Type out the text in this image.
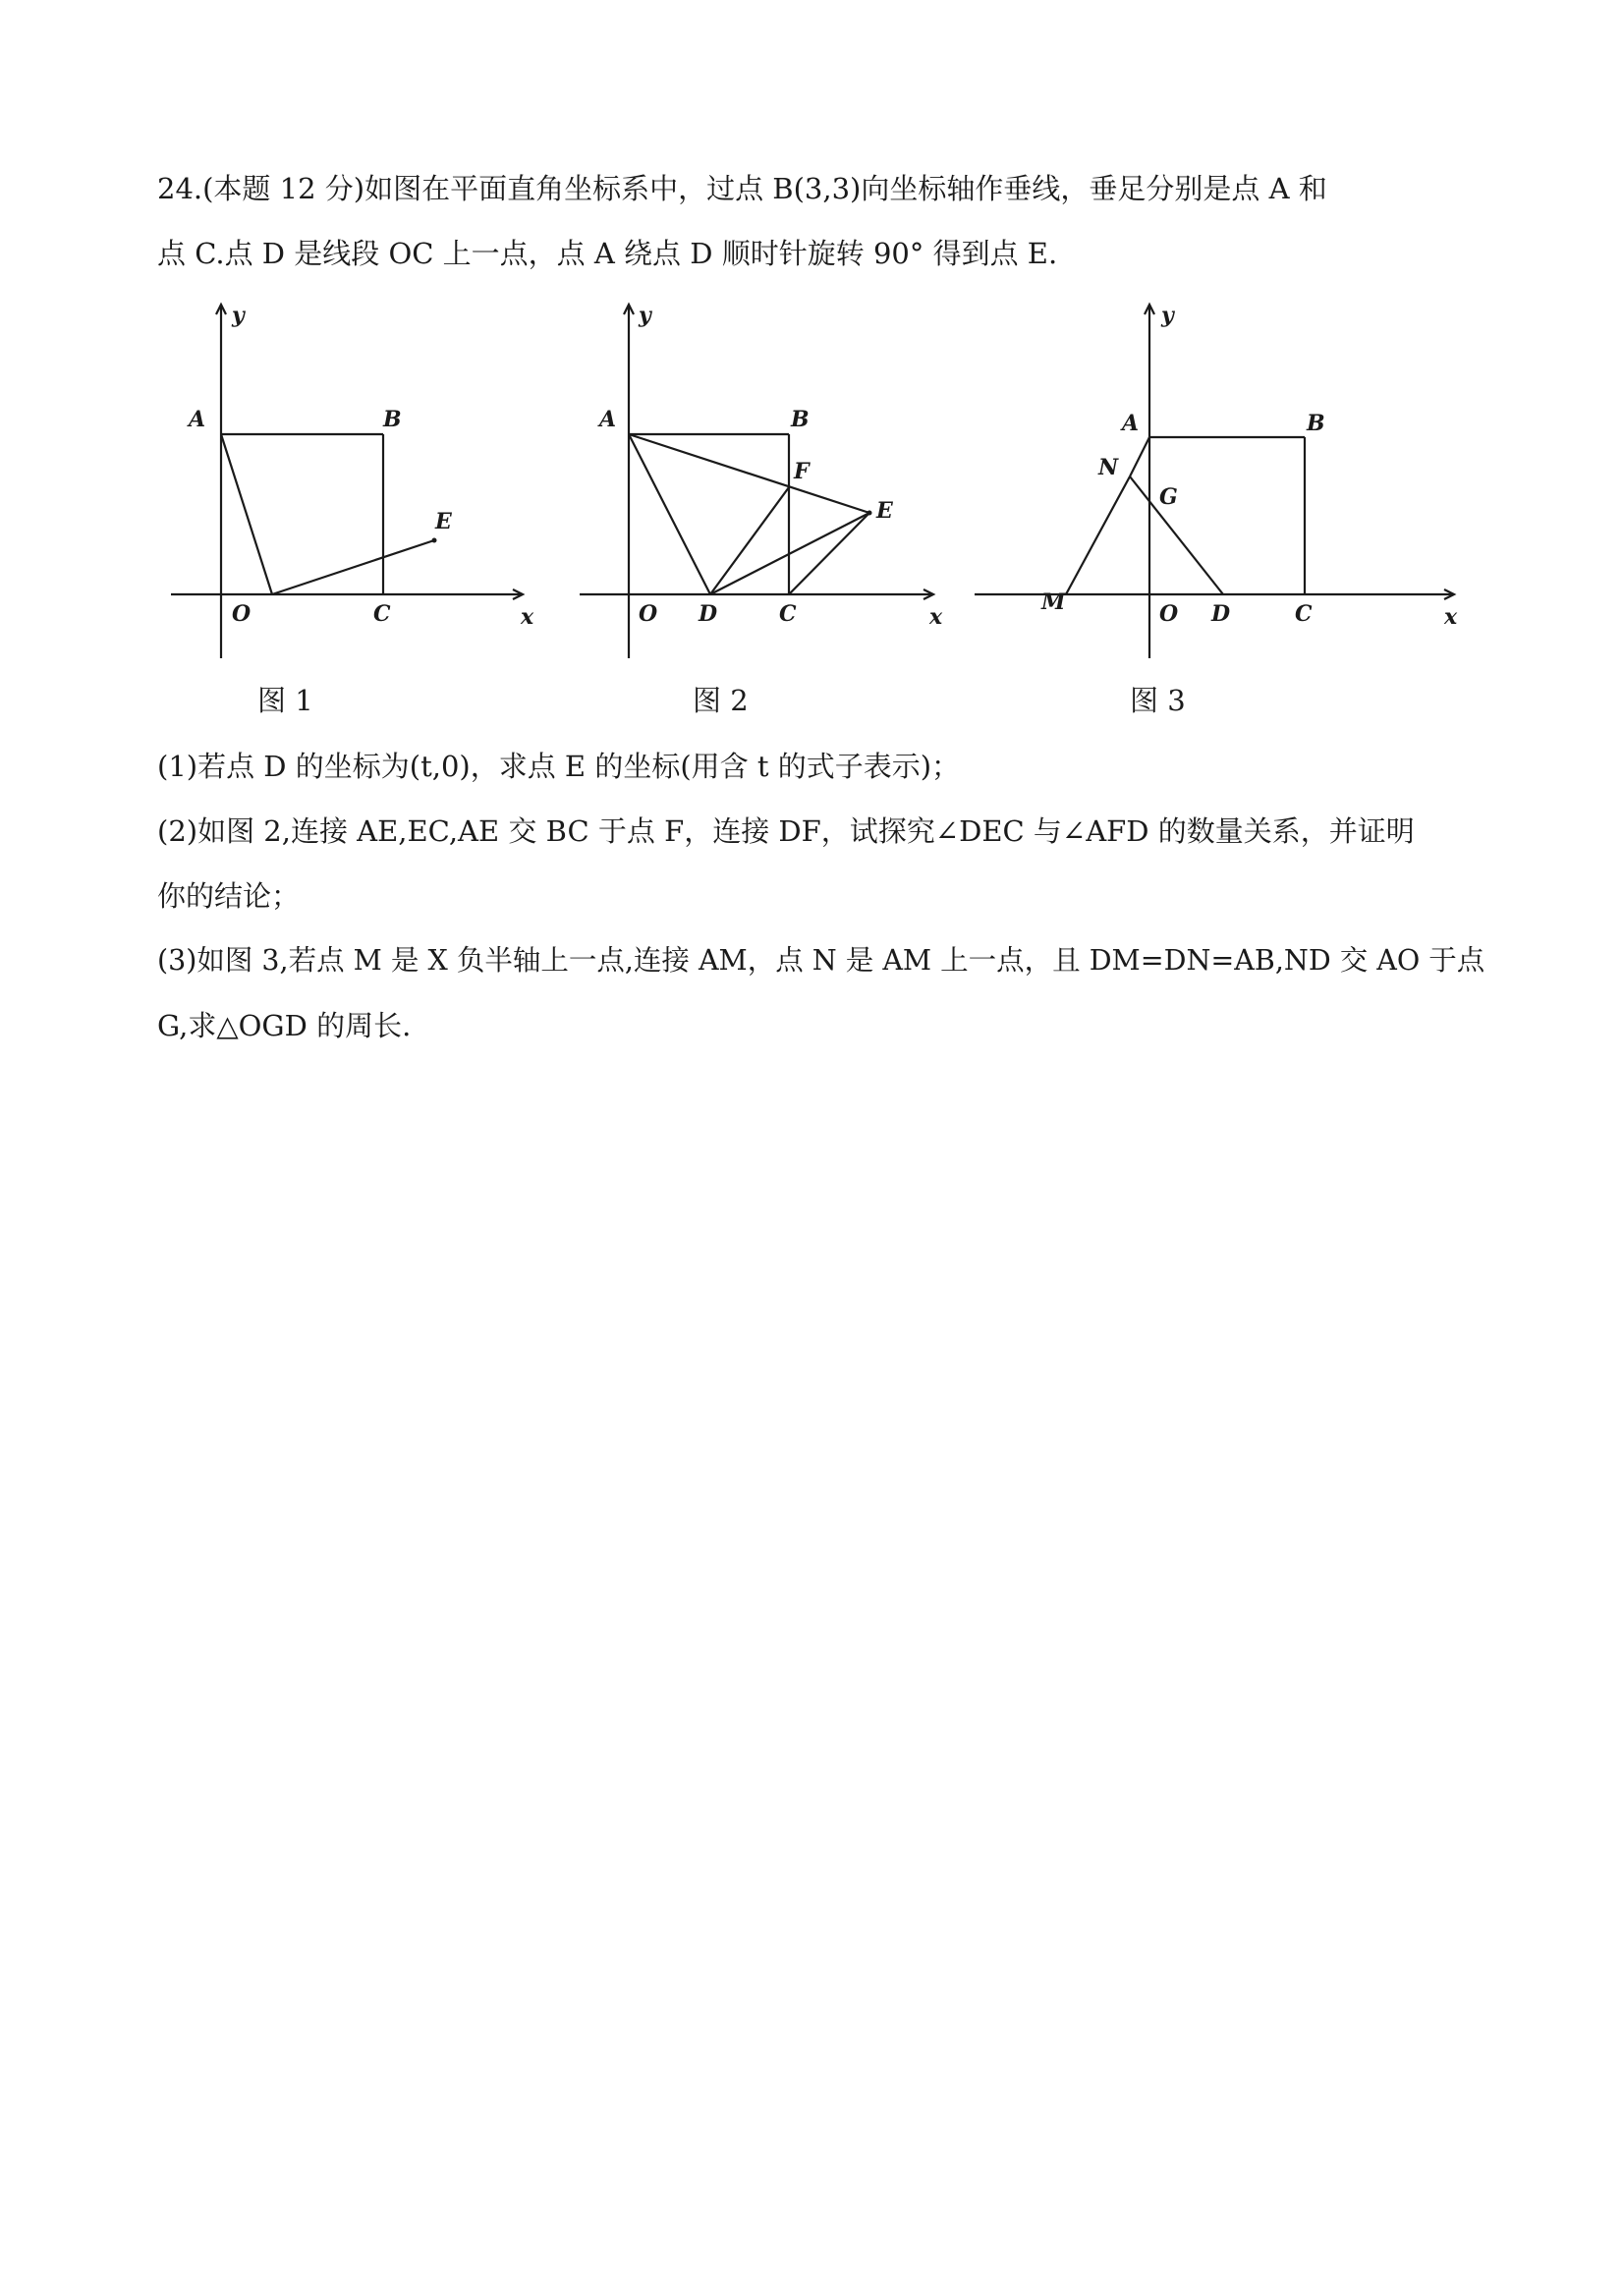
24.(本题 12 分)如图在平面直角坐标系中，过点 B(3,3)向坐标轴作垂线，垂足分别是点 A 和
点 C.点 D 是线段 OC 上一点，点 A 绕点 D 顺时针旋转 90° 得到点 E.
y
A	B
E
O	C	x
y
A	B
F
E
O D	C	x
y
A	B
N
G
M	O D	C	x
图 1	图 2	图 3
(1)若点 D 的坐标为(t,0)，求点 E 的坐标(用含 t 的式子表示)；
(2)如图 2,连接 AE,EC,AE 交 BC 于点 F，连接 DF，试探究∠DEC 与∠AFD 的数量关系，并证明
你的结论；
(3)如图 3,若点 M 是 X 负半轴上一点,连接 AM，点 N 是 AM 上一点，且 DM=DN=AB,ND 交 AO 于点
G,求△OGD 的周长.
